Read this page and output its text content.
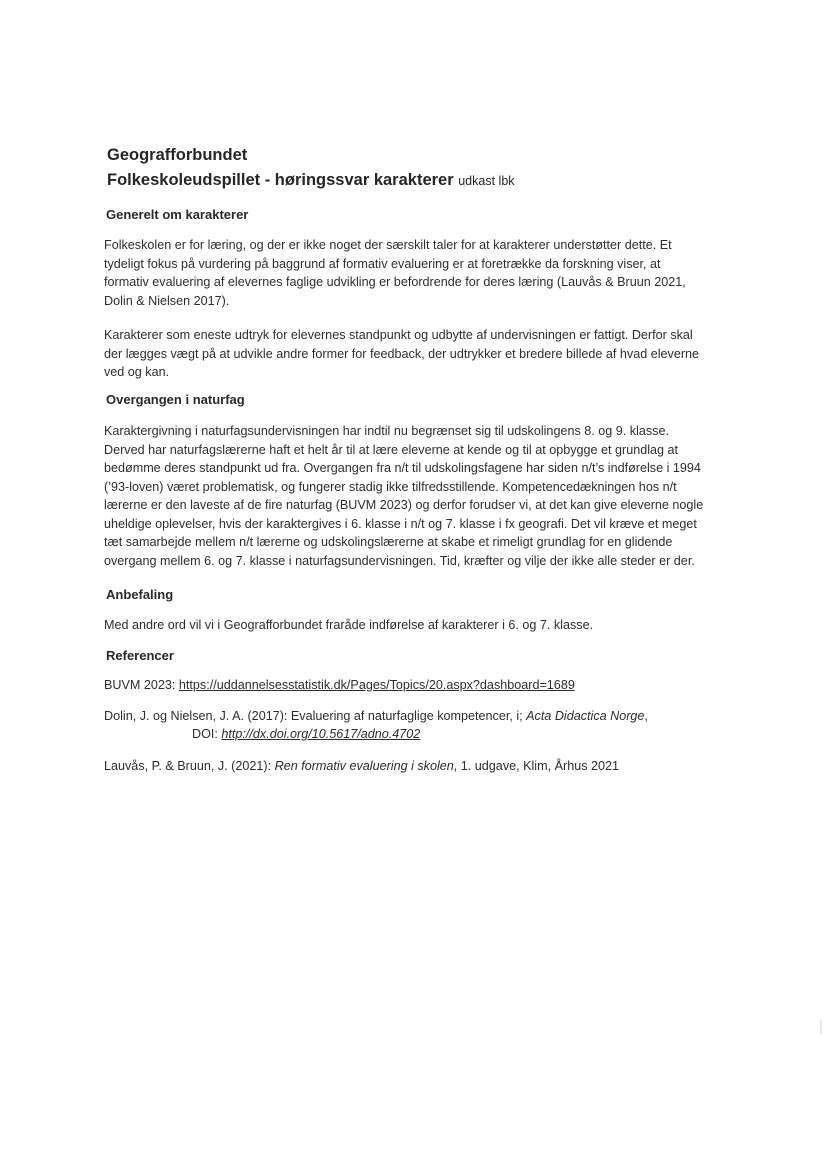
Geografforbundet
Folkeskoleudspillet - høringssvar karakterer udkast lbk
Generelt om karakterer
Folkeskolen er for læring, og der er ikke noget der særskilt taler for at karakterer understøtter dette. Et
tydeligt fokus på vurdering på baggrund af formativ evaluering er at foretrække da forskning viser, at
formativ evaluering af elevernes faglige udvikling er befordrende for deres læring (Lauvås & Bruun 2021,
Dolin & Nielsen 2017).
Karakterer som eneste udtryk for elevernes standpunkt og udbytte af undervisningen er fattigt. Derfor skal
der lægges vægt på at udvikle andre former for feedback, der udtrykker et bredere billede af hvad eleverne
ved og kan.
Overgangen i naturfag
Karaktergivning i naturfagsundervisningen har indtil nu begrænset sig til udskolingens 8. og 9. klasse.
Derved har naturfagslærerne haft et helt år til at lære eleverne at kende og til at opbygge et grundlag at
bedømme deres standpunkt ud fra. Overgangen fra n/t til udskolingsfagene har siden n/t’s indførelse i 1994
(’93-loven) været problematisk, og fungerer stadig ikke tilfredsstillende. Kompetencedækningen hos n/t
lærerne er den laveste af de fire naturfag (BUVM 2023) og derfor forudser vi, at det kan give eleverne nogle
uheldige oplevelser, hvis der karaktergives i 6. klasse i n/t og 7. klasse i fx geografi. Det vil kræve et meget
tæt samarbejde mellem n/t lærerne og udskolingslærerne at skabe et rimeligt grundlag for en glidende
overgang mellem 6. og 7. klasse i naturfagsundervisningen. Tid, kræfter og vilje der ikke alle steder er der.
Anbefaling
Med andre ord vil vi i Geografforbundet fraråde indførelse af karakterer i 6. og 7. klasse.
Referencer
BUVM 2023: https://uddannelsesstatistik.dk/Pages/Topics/20.aspx?dashboard=1689
Dolin, J. og Nielsen, J. A. (2017): Evaluering af naturfaglige kompetencer, i; Acta Didactica Norge,
DOI: http://dx.doi.org/10.5617/adno.4702
Lauvås, P. & Bruun, J. (2021): Ren formativ evaluering i skolen, 1. udgave, Klim, Århus 2021
